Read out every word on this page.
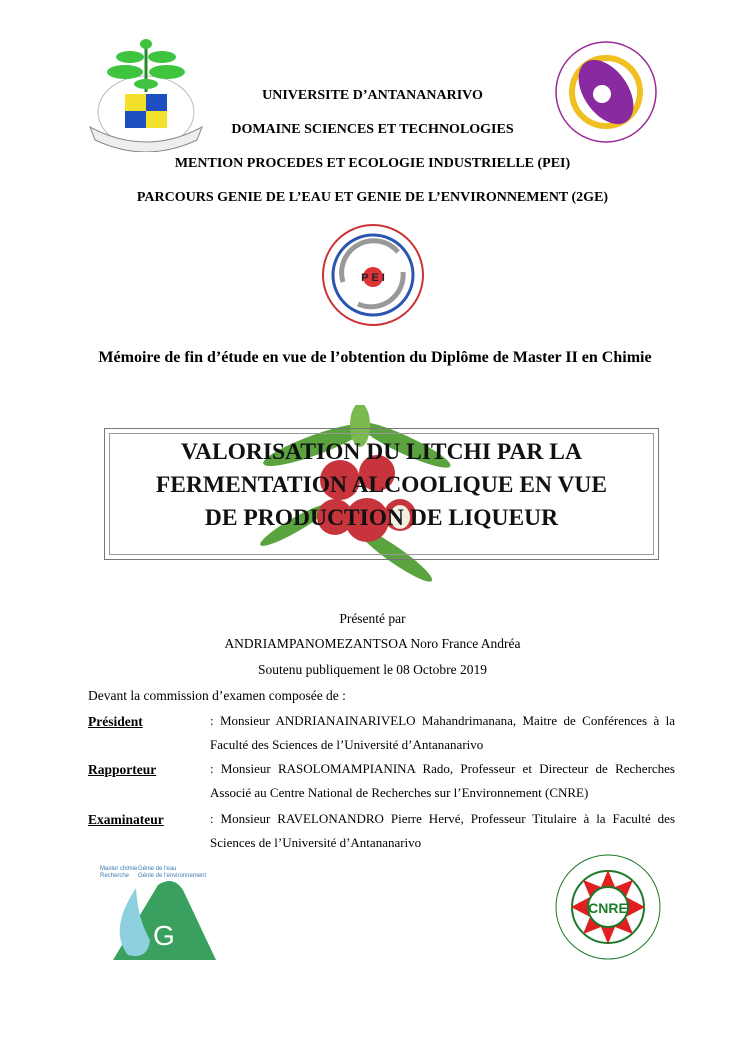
UNIVERSITE D’ANTANANARIVO
DOMAINE SCIENCES ET TECHNOLOGIES
MENTION PROCEDES ET ECOLOGIE INDUSTRIELLE (PEI)
PARCOURS GENIE DE L’EAU ET GENIE DE L’ENVIRONNEMENT (2GE)
P E I
Mémoire de fin d’étude en vue de l’obtention du Diplôme de Master II en Chimie
VALORISATION DU LITCHI PAR LA
FERMENTATION ALCOOLIQUE EN VUE
DE PRODUCTION DE LIQUEUR
Présenté par
ANDRIAMPANOMEZANTSOA Noro France Andréa
Soutenu publiquement le 08 Octobre 2019
Devant la commission d’examen composée de :
Président	: Monsieur ANDRIANAINARIVELO Mahandrimanana, Maitre de Conférences à la Faculté des Sciences de l’Université d’Antananarivo
Rapporteur	: Monsieur RASOLOMAMPIANINA Rado, Professeur et Directeur de Recherches Associé au Centre National de Recherches sur l’Environnement (CNRE)
Examinateur	: Monsieur RAVELONANDRO Pierre Hervé, Professeur Titulaire à la Faculté des Sciences de l’Université d’Antananarivo
Master chimie
Recherche
Génie de l'eau
Génie de l'environnement
G
CNRE
